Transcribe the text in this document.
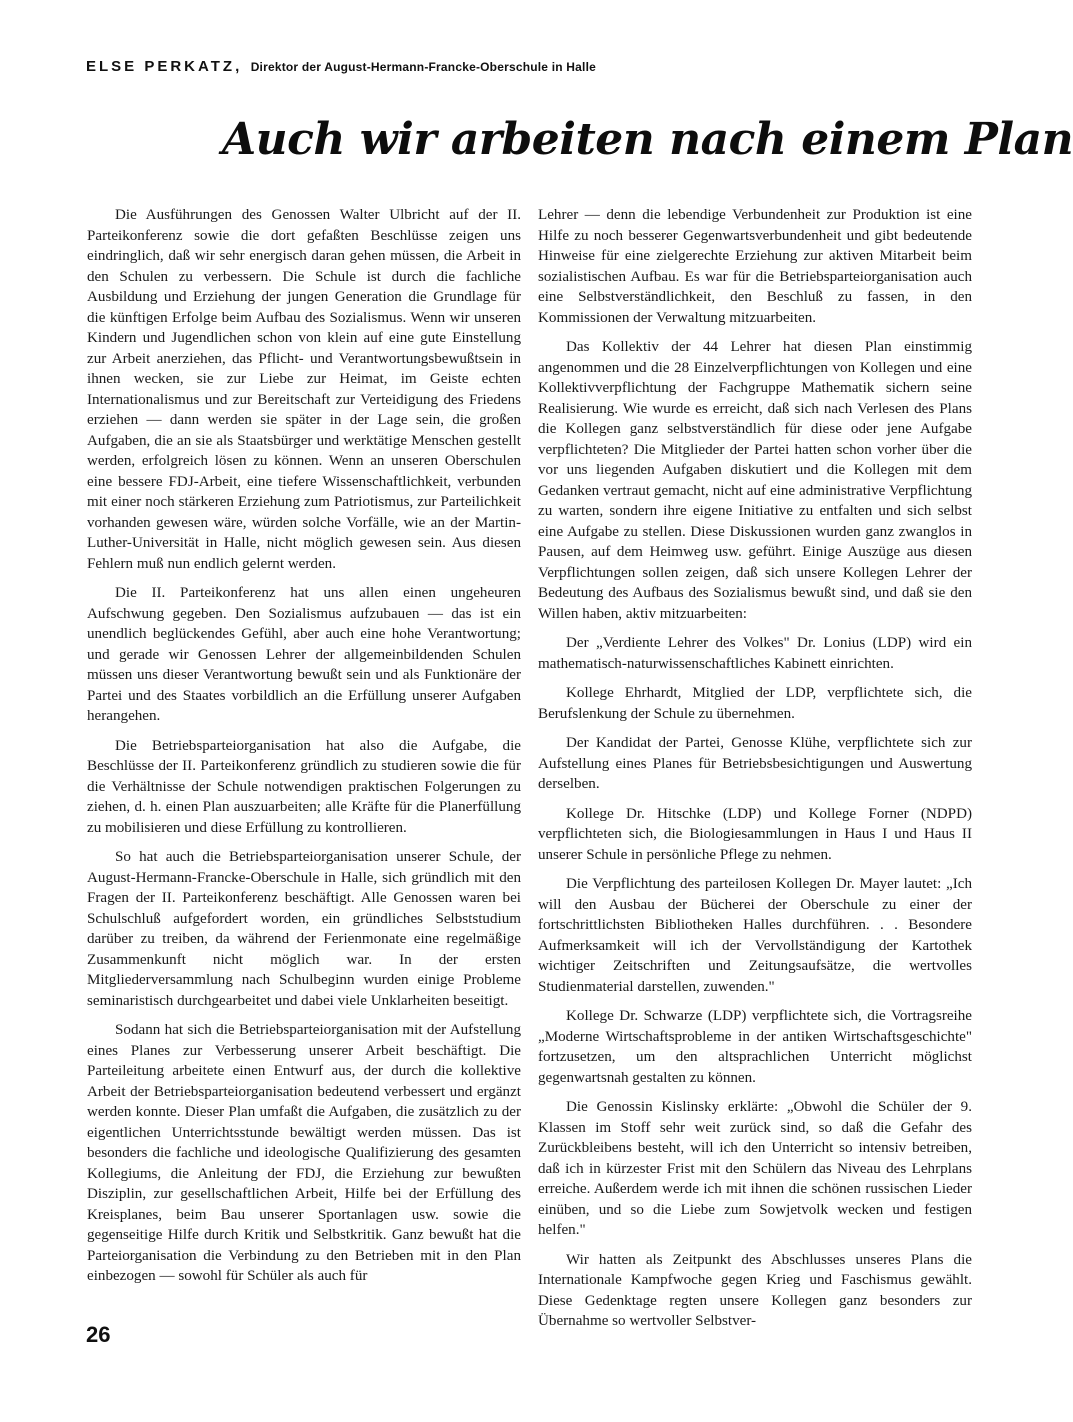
ELSE PERKATZ, Direktor der August-Hermann-Francke-Oberschule in Halle
Auch wir arbeiten nach einem Plan

Die Ausführungen des Genossen Walter Ulbricht auf der II. Parteikonferenz sowie die dort gefaßten Beschlüsse zeigen uns eindringlich, daß wir sehr energisch daran gehen müssen, die Arbeit in den Schulen zu verbessern. Die Schule ist durch die fachliche Ausbildung und Erziehung der jungen Generation die Grundlage für die künftigen Erfolge beim Aufbau des Sozialismus. Wenn wir unseren Kindern und Jugendlichen schon von klein auf eine gute Einstellung zur Arbeit anerziehen, das Pflicht- und Verantwortungsbewußtsein in ihnen wecken, sie zur Liebe zur Heimat, im Geiste echten Internationalismus und zur Bereitschaft zur Verteidigung des Friedens erziehen — dann werden sie später in der Lage sein, die großen Aufgaben, die an sie als Staatsbürger und werktätige Menschen gestellt werden, erfolgreich lösen zu können. Wenn an unseren Oberschulen eine bessere FDJ-Arbeit, eine tiefere Wissenschaftlichkeit, verbunden mit einer noch stärkeren Erziehung zum Patriotismus, zur Parteilichkeit vorhanden gewesen wäre, würden solche Vorfälle, wie an der Martin-Luther-Universität in Halle, nicht möglich gewesen sein. Aus diesen Fehlern muß nun endlich gelernt werden.

Die II. Parteikonferenz hat uns allen einen ungeheuren Aufschwung gegeben. Den Sozialismus aufzubauen — das ist ein unendlich beglückendes Gefühl, aber auch eine hohe Verantwortung; und gerade wir Genossen Lehrer der allgemeinbildenden Schulen müssen uns dieser Verantwortung bewußt sein und als Funktionäre der Partei und des Staates vorbildlich an die Erfüllung unserer Aufgaben herangehen.

Die Betriebsparteiorganisation hat also die Aufgabe, die Beschlüsse der II. Parteikonferenz gründlich zu studieren sowie die für die Verhältnisse der Schule notwendigen praktischen Folgerungen zu ziehen, d. h. einen Plan auszuarbeiten; alle Kräfte für die Planerfüllung zu mobilisieren und diese Erfüllung zu kontrollieren.

So hat auch die Betriebsparteiorganisation unserer Schule, der August-Hermann-Francke-Oberschule in Halle, sich gründlich mit den Fragen der II. Parteikonferenz beschäftigt. Alle Genossen waren bei Schulschluß aufgefordert worden, ein gründliches Selbststudium darüber zu treiben, da während der Ferienmonate eine regelmäßige Zusammenkunft nicht möglich war. In der ersten Mitgliederversammlung nach Schulbeginn wurden einige Probleme seminaristisch durchgearbeitet und dabei viele Unklarheiten beseitigt.

Sodann hat sich die Betriebsparteiorganisation mit der Aufstellung eines Planes zur Verbesserung unserer Arbeit beschäftigt. Die Parteileitung arbeitete einen Entwurf aus, der durch die kollektive Arbeit der Betriebsparteiorganisation bedeutend verbessert und ergänzt werden konnte. Dieser Plan umfaßt die Aufgaben, die zusätzlich zu der eigentlichen Unterrichtsstunde bewältigt werden müssen. Das ist besonders die fachliche und ideologische Qualifizierung des gesamten Kollegiums, die Anleitung der FDJ, die Erziehung zur bewußten Disziplin, zur gesellschaftlichen Arbeit, Hilfe bei der Erfüllung des Kreisplanes, beim Bau unserer Sportanlagen usw. sowie die gegenseitige Hilfe durch Kritik und Selbstkritik. Ganz bewußt hat die Parteiorganisation die Verbindung zu den Betrieben mit in den Plan einbezogen — sowohl für Schüler als auch für

Lehrer — denn die lebendige Verbundenheit zur Produktion ist eine Hilfe zu noch besserer Gegenwartsverbundenheit und gibt bedeutende Hinweise für eine zielgerechte Erziehung zur aktiven Mitarbeit beim sozialistischen Aufbau. Es war für die Betriebsparteiorganisation auch eine Selbstverständlichkeit, den Beschluß zu fassen, in den Kommissionen der Verwaltung mitzuarbeiten.

Das Kollektiv der 44 Lehrer hat diesen Plan einstimmig angenommen und die 28 Einzelverpflichtungen von Kollegen und eine Kollektivverpflichtung der Fachgruppe Mathematik sichern seine Realisierung. Wie wurde es erreicht, daß sich nach Verlesen des Plans die Kollegen ganz selbstverständlich für diese oder jene Aufgabe verpflichteten? Die Mitglieder der Partei hatten schon vorher über die vor uns liegenden Aufgaben diskutiert und die Kollegen mit dem Gedanken vertraut gemacht, nicht auf eine administrative Verpflichtung zu warten, sondern ihre eigene Initiative zu entfalten und sich selbst eine Aufgabe zu stellen. Diese Diskussionen wurden ganz zwanglos in Pausen, auf dem Heimweg usw. geführt. Einige Auszüge aus diesen Verpflichtungen sollen zeigen, daß sich unsere Kollegen Lehrer der Bedeutung des Aufbaus des Sozialismus bewußt sind, und daß sie den Willen haben, aktiv mitzuarbeiten:

Der „Verdiente Lehrer des Volkes" Dr. Lonius (LDP) wird ein mathematisch-naturwissenschaftliches Kabinett einrichten.

Kollege Ehrhardt, Mitglied der LDP, verpflichtete sich, die Berufslenkung der Schule zu übernehmen.

Der Kandidat der Partei, Genosse Klühe, verpflichtete sich zur Aufstellung eines Planes für Betriebsbesichtigungen und Auswertung derselben.

Kollege Dr. Hitschke (LDP) und Kollege Forner (NDPD) verpflichteten sich, die Biologiesammlungen in Haus I und Haus II unserer Schule in persönliche Pflege zu nehmen.

Die Verpflichtung des parteilosen Kollegen Dr. Mayer lautet: „Ich will den Ausbau der Bücherei der Oberschule zu einer der fortschrittlichsten Bibliotheken Halles durchführen. . . Besondere Aufmerksamkeit will ich der Vervollständigung der Kartothek wichtiger Zeitschriften und Zeitungsaufsätze, die wertvolles Studienmaterial darstellen, zuwenden."

Kollege Dr. Schwarze (LDP) verpflichtete sich, die Vortragsreihe „Moderne Wirtschaftsprobleme in der antiken Wirtschaftsgeschichte" fortzusetzen, um den altsprachlichen Unterricht möglichst gegenwartsnah gestalten zu können.

Die Genossin Kislinsky erklärte: „Obwohl die Schüler der 9. Klassen im Stoff sehr weit zurück sind, so daß die Gefahr des Zurückbleibens besteht, will ich den Unterricht so intensiv betreiben, daß ich in kürzester Frist mit den Schülern das Niveau des Lehrplans erreiche. Außerdem werde ich mit ihnen die schönen russischen Lieder einüben, und so die Liebe zum Sowjetvolk wecken und festigen helfen."

Wir hatten als Zeitpunkt des Abschlusses unseres Plans die Internationale Kampfwoche gegen Krieg und Faschismus gewählt. Diese Gedenktage regten unsere Kollegen ganz besonders zur Übernahme so wertvoller Selbstver-

26
